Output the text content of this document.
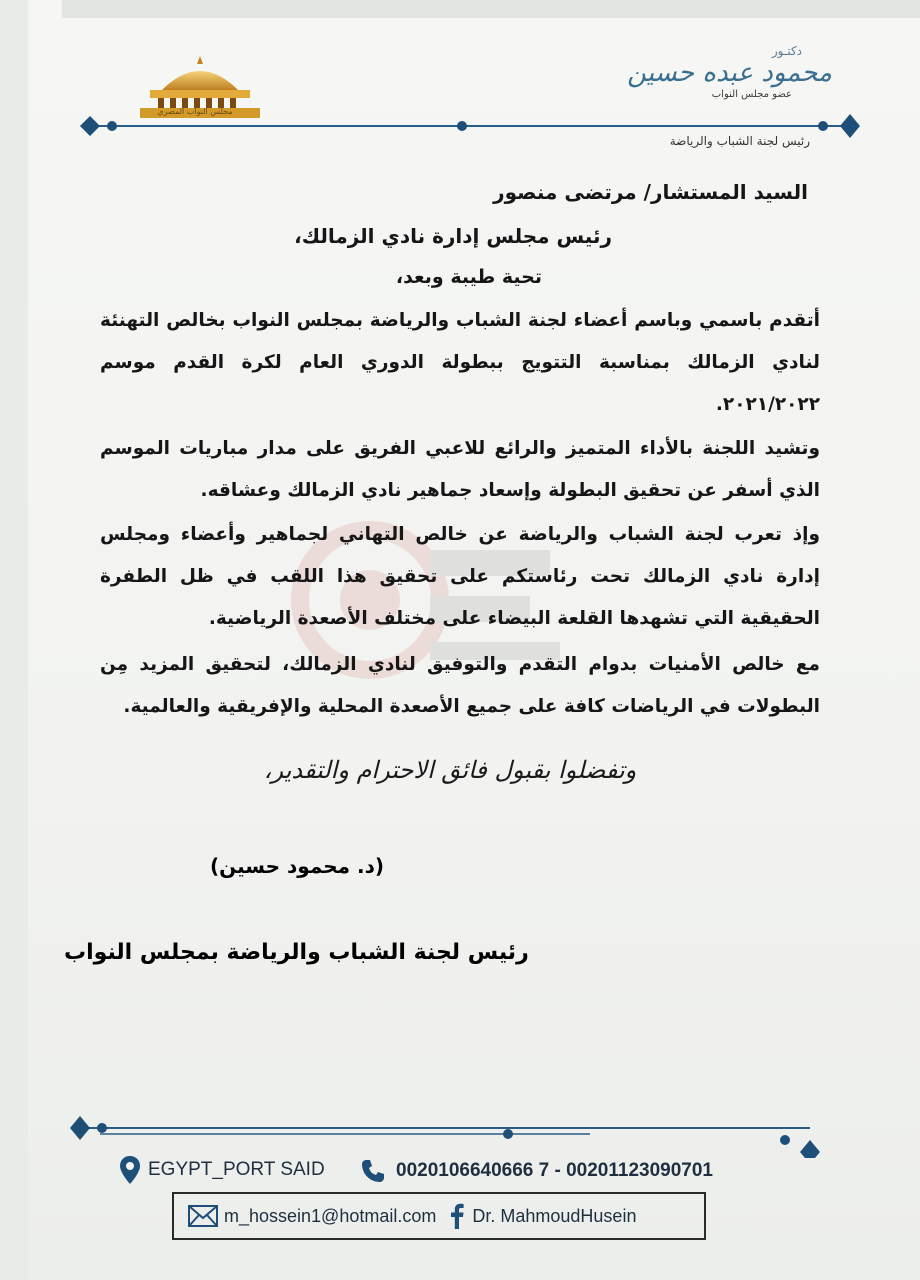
مجلس النواب المصري
دكتـور
محمود عبده حسين
عضو مجلس النواب
رئيس لجنة الشباب والرياضة
السيد المستشار/ مرتضى منصور
رئيس مجلس إدارة نادي الزمالك،
تحية طيبة وبعد،
أتقدم باسمي وباسم أعضاء لجنة الشباب والرياضة بمجلس النواب بخالص التهنئة لنادي الزمالك بمناسبة التتويج ببطولة الدوري العام لكرة القدم موسم ٢٠٢١/٢٠٢٢.
وتشيد اللجنة بالأداء المتميز والرائع للاعبي الفريق على مدار مباريات الموسم الذي أسفر عن تحقيق البطولة وإسعاد جماهير نادي الزمالك وعشاقه.
وإذ تعرب لجنة الشباب والرياضة عن خالص التهاني لجماهير وأعضاء ومجلس إدارة نادي الزمالك تحت رئاستكم على تحقيق هذا اللقب في ظل الطفرة الحقيقية التي تشهدها القلعة البيضاء على مختلف الأصعدة الرياضية.
مع خالص الأمنيات بدوام التقدم والتوفيق لنادي الزمالك، لتحقيق المزيد مِن البطولات في الرياضات كافة على جميع الأصعدة المحلية والإفريقية والعالمية.
وتفضلوا بقبول فائق الاحترام والتقدير،
(د. محمود حسين)
رئيس لجنة الشباب والرياضة بمجلس النواب
EGYPT_PORT SAID	0020106640666 7 - 00201123090701
m_hossein1@hotmail.com Dr. MahmoudHusein
